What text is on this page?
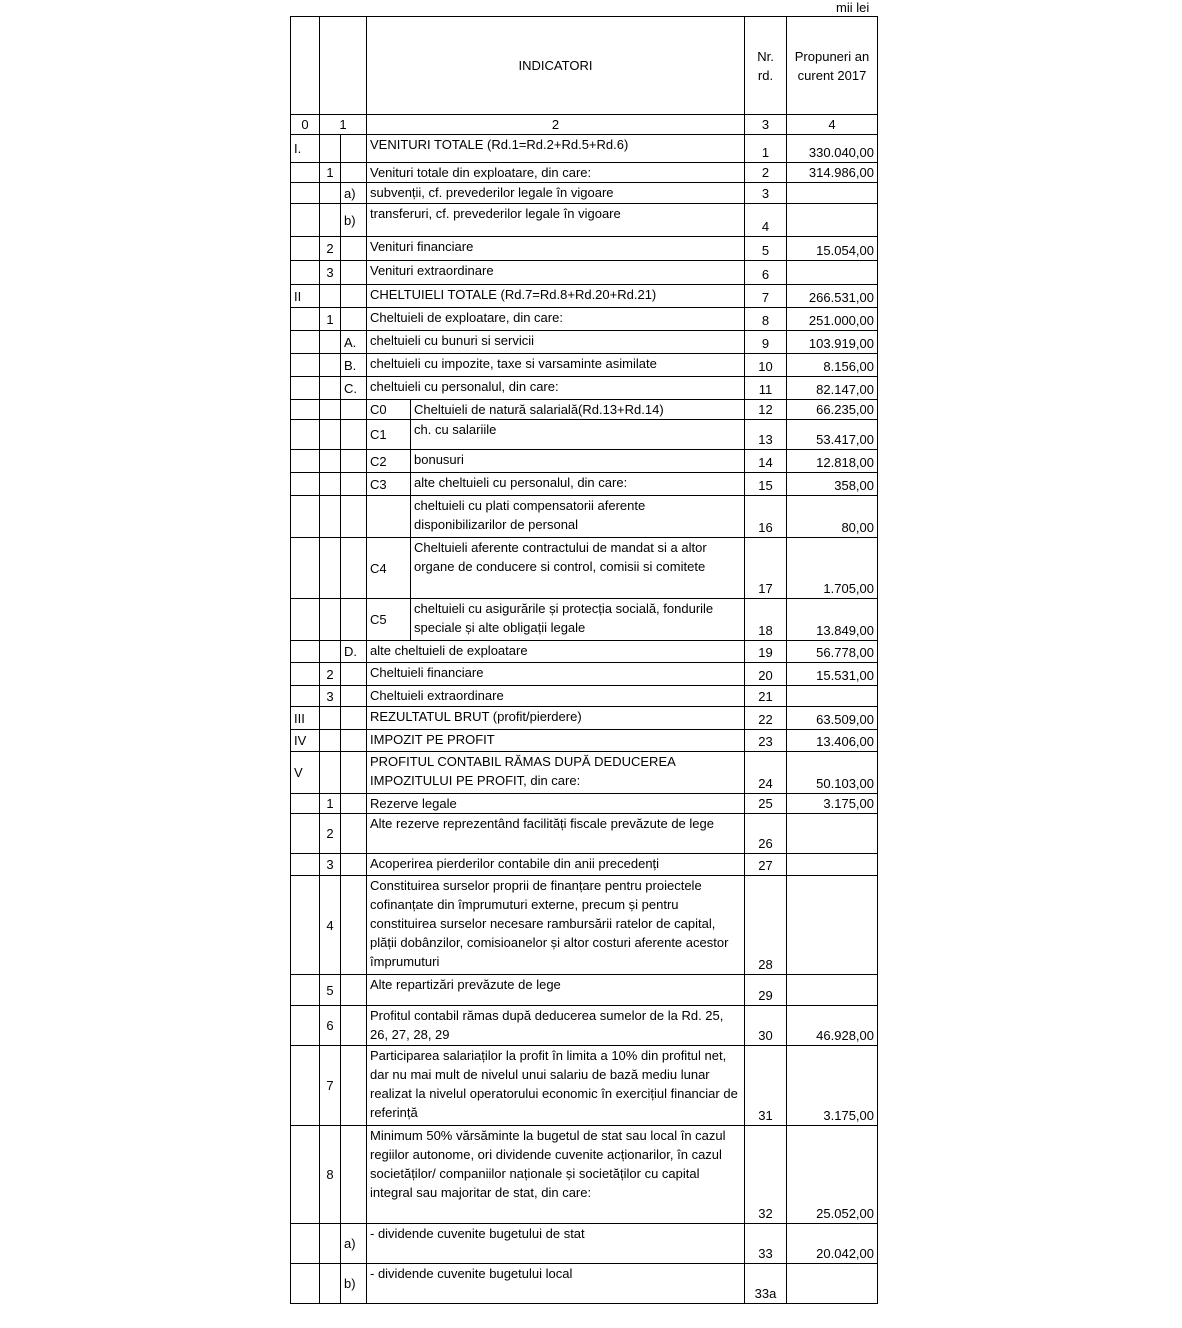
mii lei
			INDICATORI		Nr. rd.	Propuneri an curent 2017
0	1		2		3	4
I.			VENITURI TOTALE (Rd.1=Rd.2+Rd.5+Rd.6)		1	330.040,00
	1		Venituri totale din exploatare, din care:		2	314.986,00
		a)	subvenții, cf. prevederilor legale în vigoare		3	
		b)	transferuri, cf. prevederilor legale în vigoare		4	
	2		Venituri financiare		5	15.054,00
	3		Venituri extraordinare		6	
II			CHELTUIELI TOTALE (Rd.7=Rd.8+Rd.20+Rd.21)		7	266.531,00
	1		Cheltuieli de exploatare, din care:		8	251.000,00
		A.	cheltuieli cu bunuri si servicii		9	103.919,00
		B.	cheltuieli cu impozite, taxe si varsaminte asimilate		10	8.156,00
		C.	cheltuieli cu personalul, din care:		11	82.147,00
			C0	Cheltuieli de natură salarială(Rd.13+Rd.14)	12	66.235,00
			C1	ch. cu salariile	13	53.417,00
			C2	bonusuri	14	12.818,00
			C3	alte cheltuieli cu personalul, din care:	15	358,00
				cheltuieli cu plati compensatorii aferente disponibilizarilor de personal	16	80,00
			C4	Cheltuieli aferente contractului de mandat si a altor organe de conducere si control, comisii si comitete	17	1.705,00
			C5	cheltuieli cu asigurările și protecția socială, fondurile speciale și alte obligații legale	18	13.849,00
		D.	alte cheltuieli de exploatare		19	56.778,00
	2		Cheltuieli financiare		20	15.531,00
	3		Cheltuieli extraordinare		21	
III			REZULTATUL BRUT (profit/pierdere)		22	63.509,00
IV			IMPOZIT PE PROFIT		23	13.406,00
V			PROFITUL CONTABIL RĂMAS DUPĂ DEDUCEREA IMPOZITULUI PE PROFIT, din care:		24	50.103,00
	1		Rezerve legale		25	3.175,00
	2		Alte rezerve reprezentând facilități fiscale prevăzute de lege		26	
	3		Acoperirea pierderilor contabile din anii precedenți		27	
	4		Constituirea surselor proprii de finanțare pentru proiectele cofinanțate din împrumuturi externe, precum și pentru constituirea surselor necesare rambursării ratelor de capital, plății dobânzilor, comisioanelor și altor costuri aferente acestor împrumuturi		28	
	5		Alte repartizări prevăzute de lege		29	
	6		Profitul contabil rămas după deducerea sumelor de la Rd. 25, 26, 27, 28, 29		30	46.928,00
	7		Participarea salariaților la profit în limita a 10% din profitul net, dar nu mai mult de nivelul unui salariu de bază mediu lunar realizat la nivelul operatorului economic în exercițiul financiar de referință		31	3.175,00
	8		Minimum 50% vărsăminte la bugetul de stat sau local în cazul regiilor autonome, ori dividende cuvenite acționarilor, în cazul societăților/ companiilor naționale și societăților cu capital integral sau majoritar de stat, din care:		32	25.052,00
		a)	- dividende cuvenite bugetului de stat		33	20.042,00
		b)	- dividende cuvenite bugetului local		33a	
